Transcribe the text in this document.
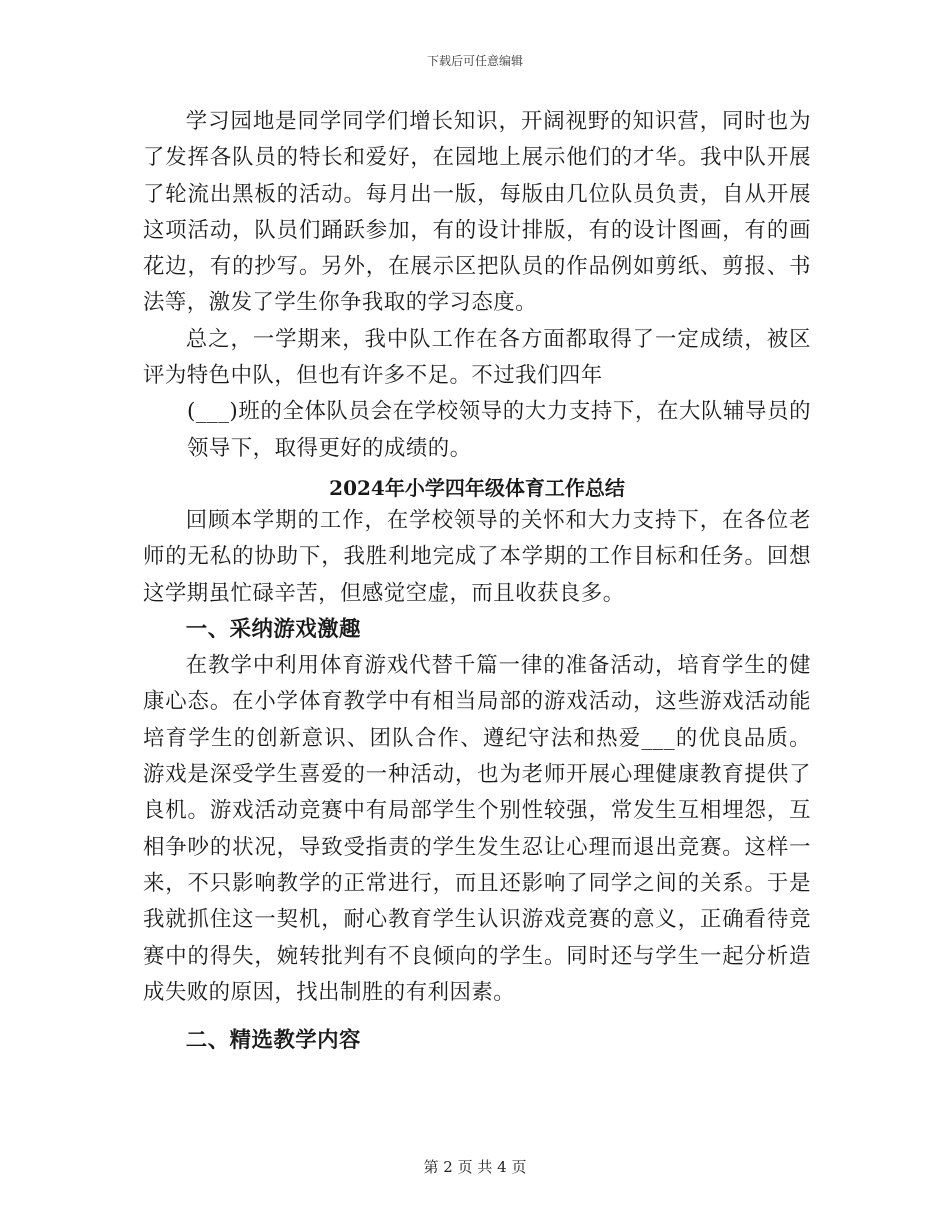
下载后可任意编辑

学习园地是同学同学们增长知识，开阔视野的知识营，同时也为了发挥各队员的特长和爱好，在园地上展示他们的才华。我中队开展了轮流出黑板的活动。每月出一版，每版由几位队员负责，自从开展这项活动，队员们踊跃参加，有的设计排版，有的设计图画，有的画花边，有的抄写。另外，在展示区把队员的作品例如剪纸、剪报、书法等，激发了学生你争我取的学习态度。

总之，一学期来，我中队工作在各方面都取得了一定成绩，被区评为特色中队，但也有许多不足。不过我们四年

(___)班的全体队员会在学校领导的大力支持下，在大队辅导员的领导下，取得更好的成绩的。

2024年小学四年级体育工作总结

回顾本学期的工作，在学校领导的关怀和大力支持下，在各位老师的无私的协助下，我胜利地完成了本学期的工作目标和任务。回想这学期虽忙碌辛苦，但感觉空虚，而且收获良多。

一、采纳游戏激趣

在教学中利用体育游戏代替千篇一律的准备活动，培育学生的健康心态。在小学体育教学中有相当局部的游戏活动，这些游戏活动能培育学生的创新意识、团队合作、遵纪守法和热爱___的优良品质。游戏是深受学生喜爱的一种活动，也为老师开展心理健康教育提供了良机。游戏活动竞赛中有局部学生个别性较强，常发生互相埋怨，互相争吵的状况，导致受指责的学生发生忍让心理而退出竞赛。这样一来，不只影响教学的正常进行，而且还影响了同学之间的关系。于是我就抓住这一契机，耐心教育学生认识游戏竞赛的意义，正确看待竞赛中的得失，婉转批判有不良倾向的学生。同时还与学生一起分析造成失败的原因，找出制胜的有利因素。

二、精选教学内容
第 2 页 共 4 页
